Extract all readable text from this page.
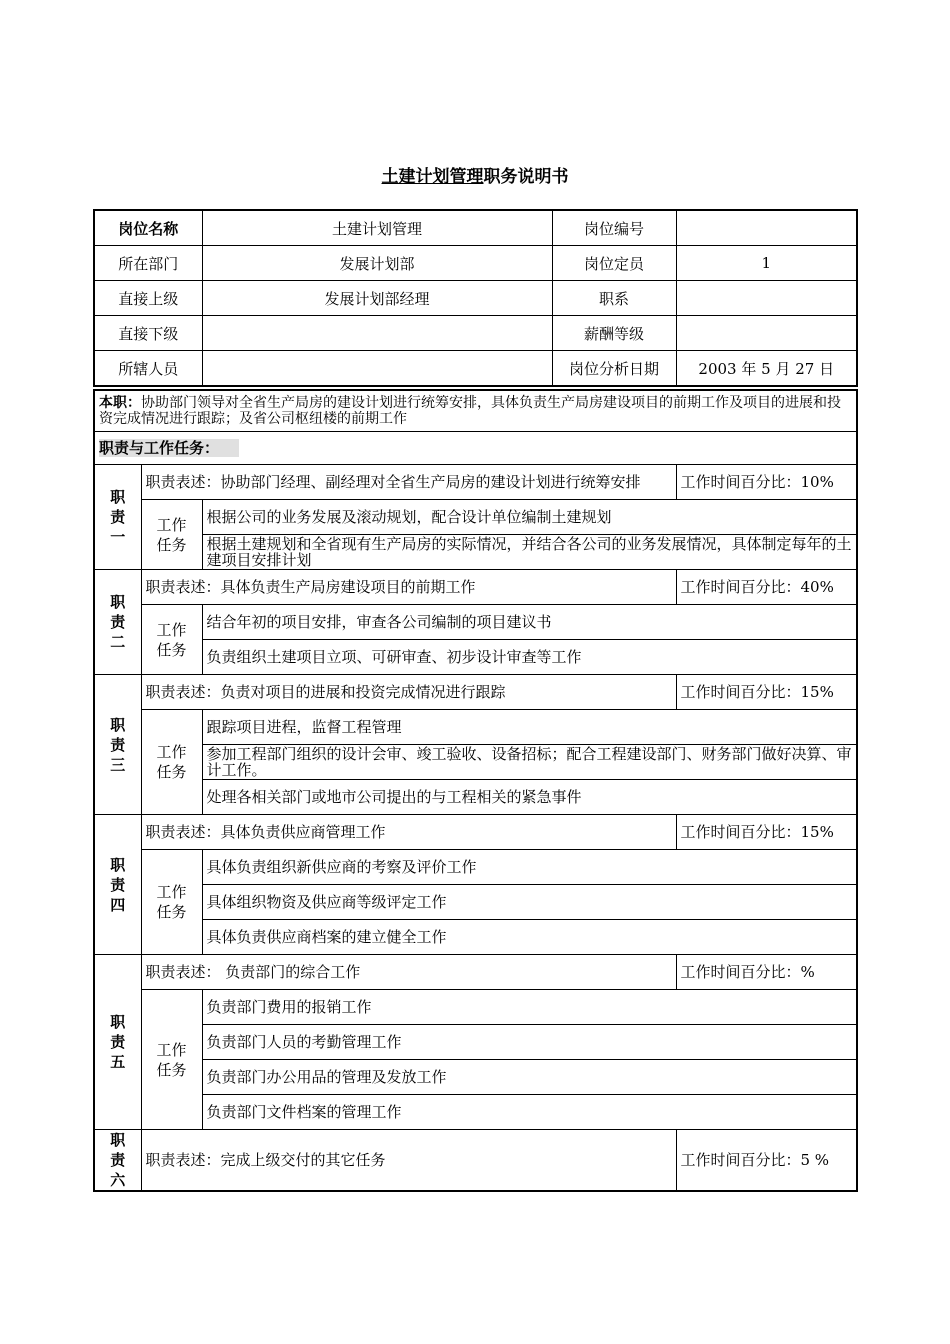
土建计划管理职务说明书
岗位名称	土建计划管理	岗位编号	
所在部门	发展计划部	岗位定员	1
直接上级	发展计划部经理	职系	
直接下级		薪酬等级	
所辖人员		岗位分析日期	2003 年 5 月 27 日
本职：协助部门领导对全省生产局房的建设计划进行统筹安排，具体负责生产局房建设项目的前期工作及项目的进展和投资完成情况进行跟踪；及省公司枢纽楼的前期工作			
职责与工作任务：			
职责一	职责表述：协助部门经理、副经理对全省生产局房的建设计划进行统筹安排		工作时间百分比：10%
	工作任务	根据公司的业务发展及滚动规划，配合设计单位编制土建规划	
		根据土建规划和全省现有生产局房的实际情况，并结合各公司的业务发展情况，具体制定每年的土建项目安排计划	
职责二	职责表述：具体负责生产局房建设项目的前期工作		工作时间百分比：40%
	工作任务	结合年初的项目安排，审查各公司编制的项目建议书	
		负责组织土建项目立项、可研审查、初步设计审查等工作	
职责三	职责表述：负责对项目的进展和投资完成情况进行跟踪		工作时间百分比：15%
	工作任务	跟踪项目进程，监督工程管理	
		参加工程部门组织的设计会审、竣工验收、设备招标；配合工程建设部门、财务部门做好决算、审计工作。	
		处理各相关部门或地市公司提出的与工程相关的紧急事件	
职责四	职责表述：具体负责供应商管理工作		工作时间百分比：15%
	工作任务	具体负责组织新供应商的考察及评价工作	
		具体组织物资及供应商等级评定工作	
		具体负责供应商档案的建立健全工作	
职责五	职责表述： 负责部门的综合工作		工作时间百分比：%
	工作任务	负责部门费用的报销工作	
		负责部门人员的考勤管理工作	
		负责部门办公用品的管理及发放工作	
		负责部门文件档案的管理工作	
职责六	职责表述：完成上级交付的其它任务		工作时间百分比：5 %
